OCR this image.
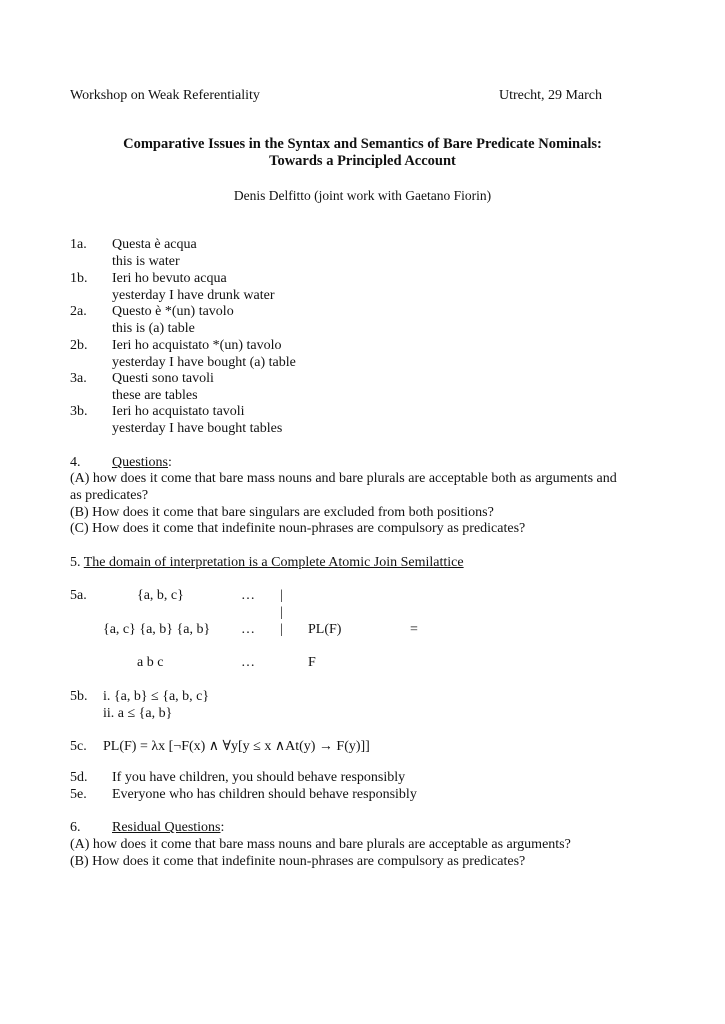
Workshop on Weak Referentiality	Utrecht, 29 March
Comparative Issues in the Syntax and Semantics of Bare Predicate Nominals:
Towards a Principled Account
Denis Delfitto (joint work with Gaetano Fiorin)
1a. Questa è acqua
this is water
1b. Ieri ho bevuto acqua
yesterday I have drunk water
2a. Questo è *(un) tavolo
this is (a) table
2b. Ieri ho acquistato *(un) tavolo
yesterday I have bought (a) table
3a. Questi sono tavoli
these are tables
3b. Ieri ho acquistato tavoli
yesterday I have bought tables
4. Questions:
(A) how does it come that bare mass nouns and bare plurals are acceptable both as arguments and
as predicates?
(B) How does it come that bare singulars are excluded from both positions?
(C) How does it come that indefinite noun-phrases are compulsory as predicates?
5. The domain of interpretation is a Complete Atomic Join Semilattice
5a.	{a, b, c}	… |
|
{a, c} {a, b} {a, b} … | PL(F)	=
a b c	…	F
5b. i. {a, b} ≤ {a, b, c}
ii. a ≤ {a, b}
5c. PL(F) = λx [¬F(x) ∧ ∀y[y ≤ x ∧At(y) → F(y)]]
5d. If you have children, you should behave responsibly
5e. Everyone who has children should behave responsibly
6. Residual Questions:
(A) how does it come that bare mass nouns and bare plurals are acceptable as arguments?
(B) How does it come that indefinite noun-phrases are compulsory as predicates?
